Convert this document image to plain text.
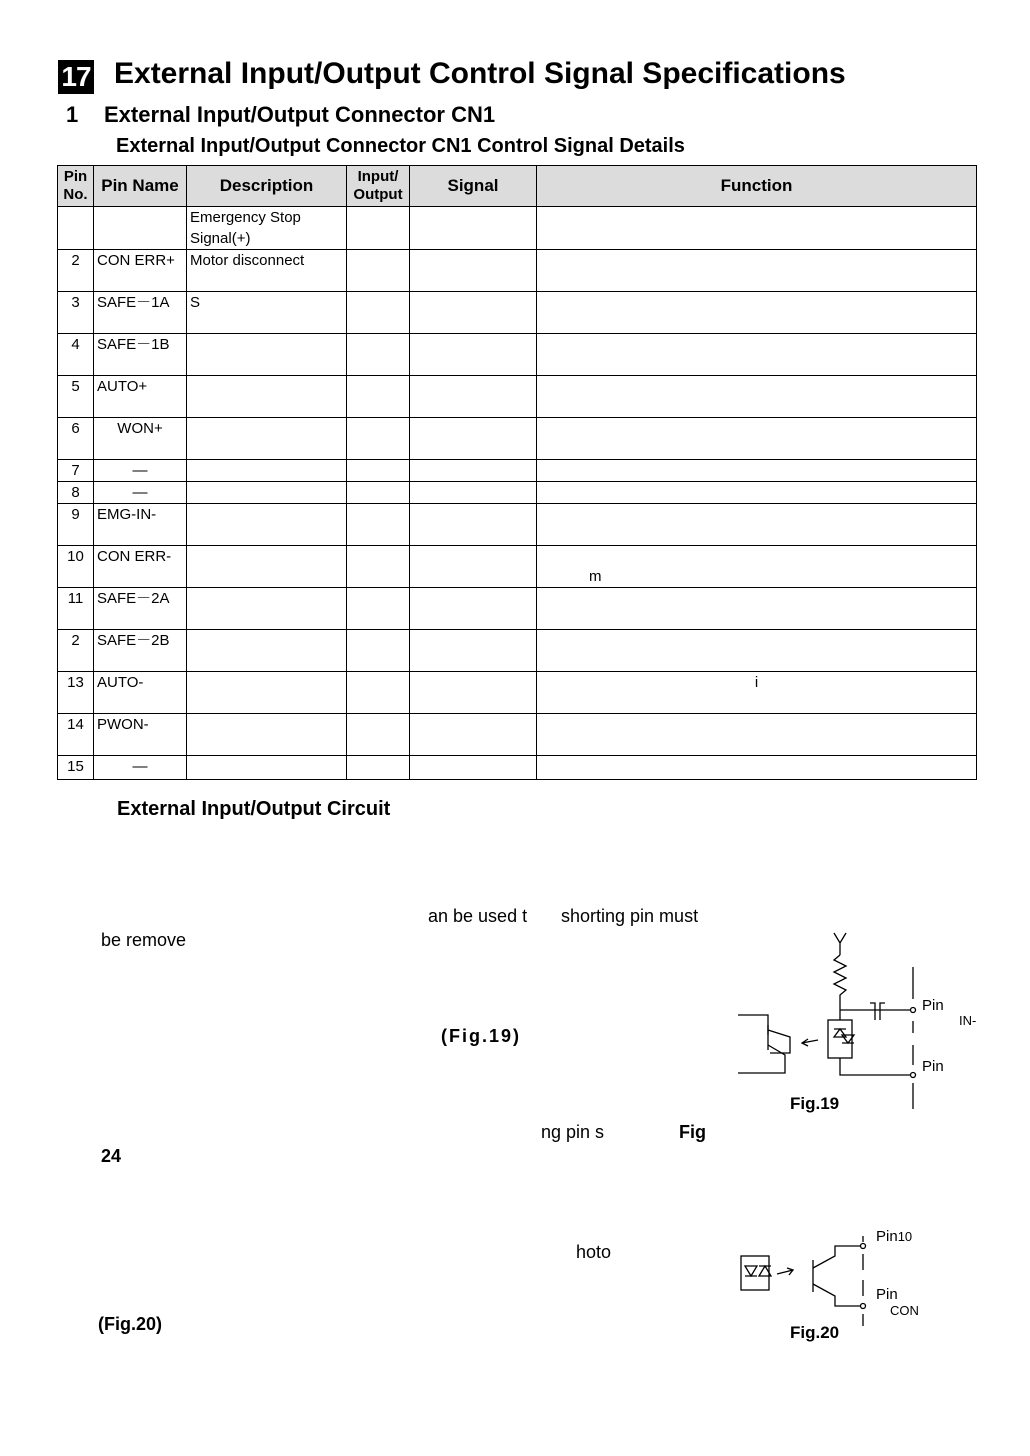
17 External Input/Output Control Signal Specifications
1 External Input/Output Connector CN1
External Input/Output Connector CN1 Control Signal Details
Pin
No.	Pin Name	Description	Input/
Output	Signal	Function
		Emergency Stop Signal(+)			
2	CON ERR+	Motor disconnect			
3	SAFE－1A	S			
4	SAFE－1B				
5	AUTO+				
6	WON+				
7	—				
8	—				
9	EMG-IN-				
10	CON ERR-				m
11	SAFE－2A				
2	SAFE－2B				
13	AUTO-				i
14	PWON-				
15	—				
External Input/Output Circuit
an be used t shorting pin must
be remove
(Fig.19)
ng pin s	Fig
24
hoto
(Fig.20)
Pin
IN-
Pin
Fig.19
Pin10
Pin
CON
Fig.20
